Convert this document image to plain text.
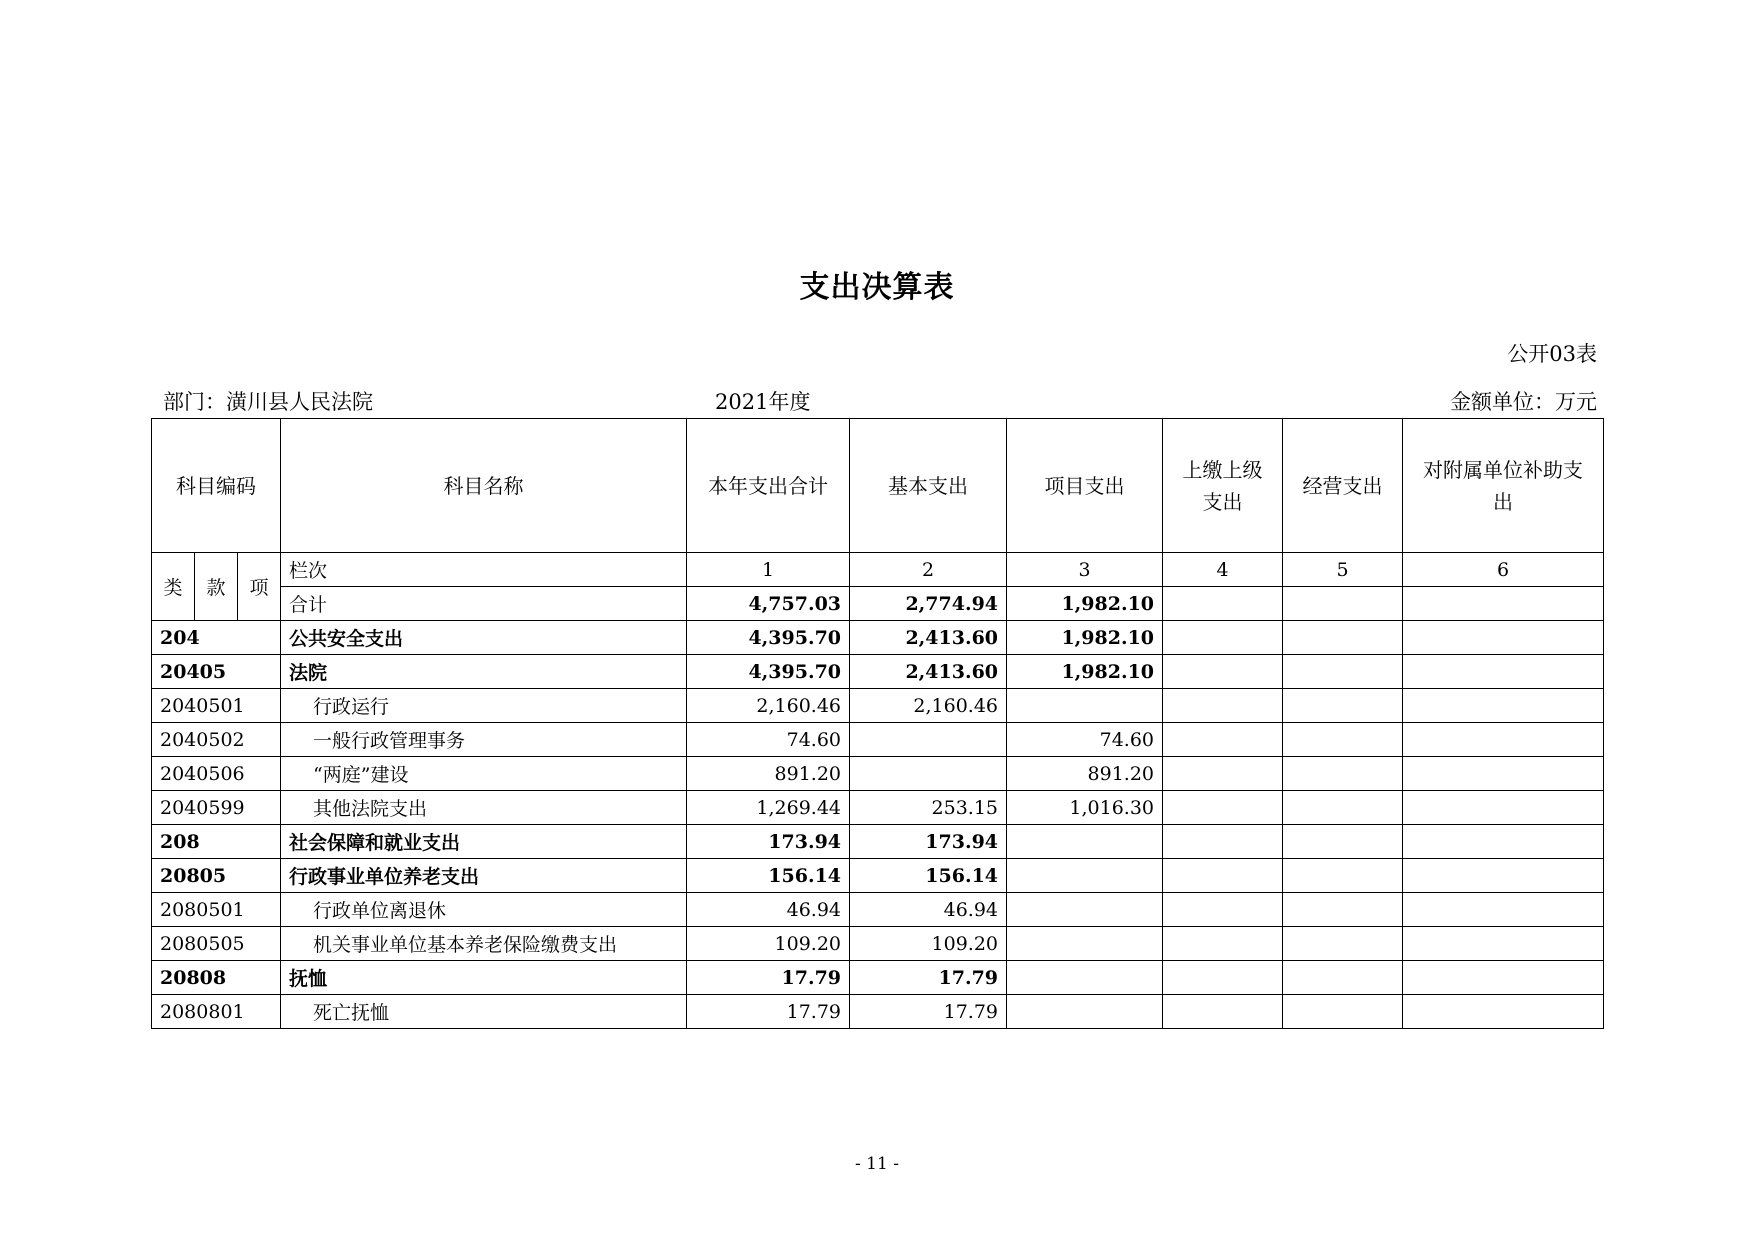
支出决算表
公开03表
部门：潢川县人民法院	2021年度	金额单位：万元
科目编码			科目名称	本年支出合计	基本支出	项目支出	上缴上级支出	经营支出	对附属单位补助支出
类	款	项	栏次	1	2	3	4	5	6
			合计	4,757.03	2,774.94	1,982.10			
204			公共安全支出	4,395.70	2,413.60	1,982.10			
20405			法院	4,395.70	2,413.60	1,982.10			
2040501			行政运行	2,160.46	2,160.46				
2040502			一般行政管理事务	74.60		74.60			
2040506			“两庭”建设	891.20		891.20			
2040599			其他法院支出	1,269.44	253.15	1,016.30			
208			社会保障和就业支出	173.94	173.94				
20805			行政事业单位养老支出	156.14	156.14				
2080501			行政单位离退休	46.94	46.94				
2080505			机关事业单位基本养老保险缴费支出	109.20	109.20				
20808			抚恤	17.79	17.79				
2080801			死亡抚恤	17.79	17.79				
- 11 -
